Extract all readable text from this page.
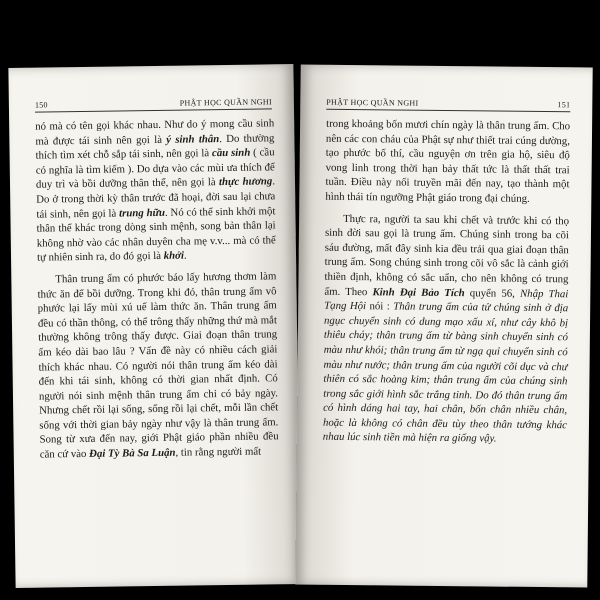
150	PHẬT HỌC QUẦN NGHI

nó mà có tên gọi khác nhau. Như do ý mong cầu sinh mà được tái sinh nên gọi là ý sinh thân. Do thường thích tìm xét chỗ sắp tái sinh, nên gọi là cầu sinh ( cầu có nghĩa là tìm kiếm ). Do dựa vào các mùi ưa thích để duy trì và bồi dưỡng thân thể, nên gọi là thực hương. Do ở trong thời kỳ thân trước đã hoại, đời sau lại chưa tái sinh, nên gọi là trung hữu. Nó có thể sinh khởi một thân thể khác trong dòng sinh mệnh, song bản thân lại không nhờ vào các nhân duyên cha mẹ v.v... mà có thể tự nhiên sinh ra, do đó gọi là khởi.

Thân trung ấm có phước báo lấy hương thơm làm thức ăn để bồi dưỡng. Trong khi đó, thân trung ấm vô phước lại lấy mùi xú uế làm thức ăn. Thân trung ấm đều có thần thông, có thể trông thấy những thứ mà mắt thường không trông thấy được. Giai đoạn thân trung ấm kéo dài bao lâu ? Vấn đề này có nhiều cách giải thích khác nhau. Có người nói thân trung ấm kéo dài đến khi tái sinh, không có thời gian nhất định. Có người nói sinh mệnh thân trung ấm chỉ có bảy ngày. Nhưng chết rồi lại sống, sống rồi lại chết, mỗi lần chết sống với thời gian bảy ngày như vậy là thân trung ấm. Song từ xưa đến nay, giới Phật giáo phần nhiều đều căn cứ vào Đại Tỳ Bà Sa Luận, tin rằng người mất

PHẬT HỌC QUẦN NGHI	151

trong khoảng bốn mươi chín ngày là thân trung ấm. Cho nên các con cháu của Phật sự như thiết trai cúng dường, tạo phước bố thí, cầu nguyện ơn trên gia hộ, siêu độ vong linh trong thời hạn bảy thất tức là thất thất trai tuần. Điều này nối truyền mãi đến nay, tạo thành một hình thái tín ngưỡng Phật giáo trong đại chúng.

Thực ra, người ta sau khi chết và trước khi có thọ sinh đời sau gọi là trung ấm. Chúng sinh trong ba cõi sáu đường, mất đây sinh kia đều trải qua giai đoạn thân trung ấm. Song chúng sinh trong cõi vô sắc là cảnh giới thiền định, không có sắc uẩn, cho nên không có trung ấm. Theo Kinh Đại Bảo Tích quyển 56, Nhập Thai Tạng Hội nói : Thân trung ấm của tử chúng sinh ở địa ngục chuyển sinh có dung mạo xấu xí, như cây khô bị thiêu cháy; thân trung ấm từ bàng sinh chuyển sinh có màu như khói; thân trung ấm từ ngạ quỉ chuyển sinh có màu như nước; thân trung ấm của người cõi dục và chư thiên có sắc hoàng kim; thân trung ấm của chúng sinh trong sắc giới hình sắc trắng tinh. Do đó thân trung ấm có hình dáng hai tay, hai chân, bốn chân nhiều chân, hoặc là không có chân đều tùy theo thân tướng khác nhau lúc sinh tiền mà hiện ra giống vậy.
